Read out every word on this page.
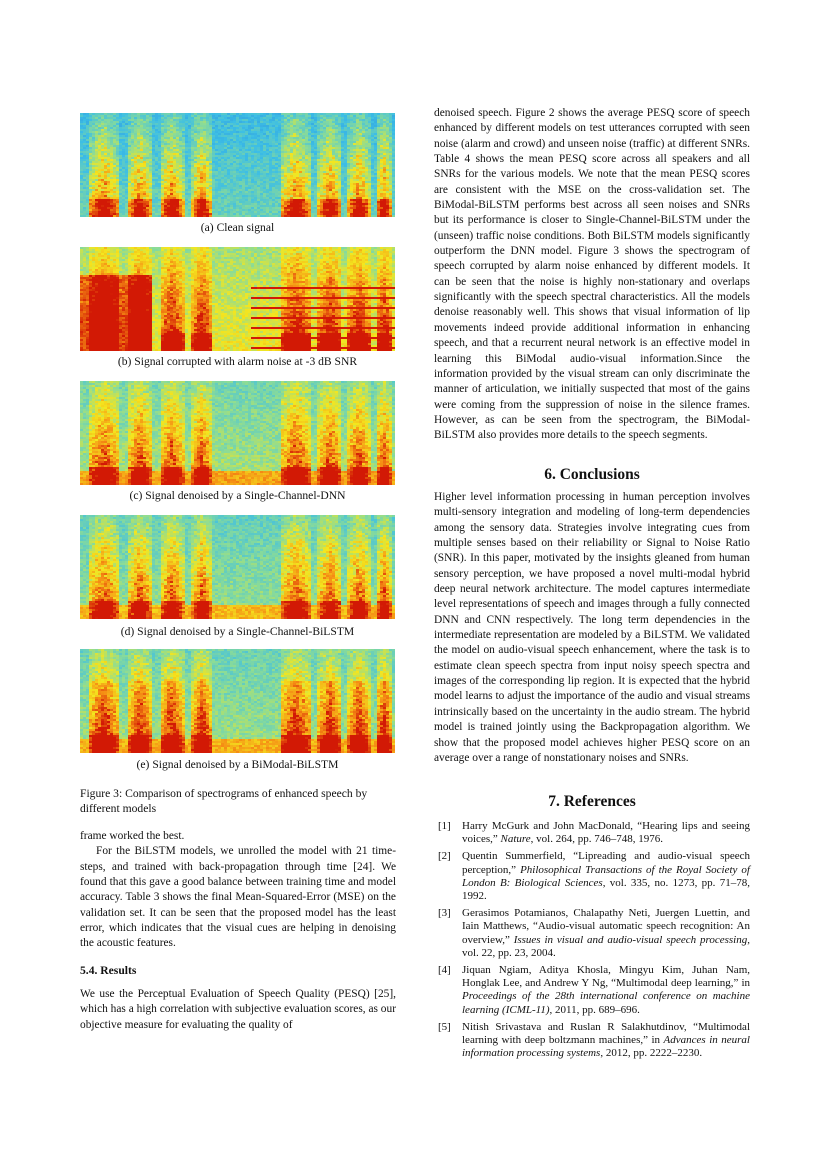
(a) Clean signal
(b) Signal corrupted with alarm noise at -3 dB SNR
(c) Signal denoised by a Single-Channel-DNN
(d) Signal denoised by a Single-Channel-BiLSTM
(e) Signal denoised by a BiModal-BiLSTM
Figure 3: Comparison of spectrograms of enhanced speech by different models

frame worked the best.

For the BiLSTM models, we unrolled the model with 21 time-steps, and trained with back-propagation through time [24]. We found that this gave a good balance between training time and model accuracy. Table 3 shows the final Mean-Squared-Error (MSE) on the validation set. It can be seen that the proposed model has the least error, which indicates that the visual cues are helping in denoising the acoustic features.

5.4. Results

We use the Perceptual Evaluation of Speech Quality (PESQ) [25], which has a high correlation with subjective evaluation scores, as our objective measure for evaluating the quality of

denoised speech. Figure 2 shows the average PESQ score of speech enhanced by different models on test utterances corrupted with seen noise (alarm and crowd) and unseen noise (traffic) at different SNRs. Table 4 shows the mean PESQ score across all speakers and all SNRs for the various models. We note that the mean PESQ scores are consistent with the MSE on the cross-validation set. The BiModal-BiLSTM performs best across all seen noises and SNRs but its performance is closer to Single-Channel-BiLSTM under the (unseen) traffic noise conditions. Both BiLSTM models significantly outperform the DNN model. Figure 3 shows the spectrogram of speech corrupted by alarm noise enhanced by different models. It can be seen that the noise is highly non-stationary and overlaps significantly with the speech spectral characteristics. All the models denoise reasonably well. This shows that visual information of lip movements indeed provide additional information in enhancing speech, and that a recurrent neural network is an effective model in learning this BiModal audio-visual information.Since the information provided by the visual stream can only discriminate the manner of articulation, we initially suspected that most of the gains were coming from the suppression of noise in the silence frames. However, as can be seen from the spectrogram, the BiModal-BiLSTM also provides more details to the speech segments.

6. Conclusions

Higher level information processing in human perception involves multi-sensory integration and modeling of long-term dependencies among the sensory data. Strategies involve integrating cues from multiple senses based on their reliability or Signal to Noise Ratio (SNR). In this paper, motivated by the insights gleaned from human sensory perception, we have proposed a novel multi-modal hybrid deep neural network architecture. The model captures intermediate level representations of speech and images through a fully connected DNN and CNN respectively. The long term dependencies in the intermediate representation are modeled by a BiLSTM. We validated the model on audio-visual speech enhancement, where the task is to estimate clean speech spectra from input noisy speech spectra and images of the corresponding lip region. It is expected that the hybrid model learns to adjust the importance of the audio and visual streams intrinsically based on the uncertainty in the audio stream. The hybrid model is trained jointly using the Backpropagation algorithm. We show that the proposed model achieves higher PESQ score on an average over a range of nonstationary noises and SNRs.

7. References
[1] Harry McGurk and John MacDonald, “Hearing lips and seeing voices,” Nature, vol. 264, pp. 746–748, 1976.
[2] Quentin Summerfield, “Lipreading and audio-visual speech perception,” Philosophical Transactions of the Royal Society of London B: Biological Sciences, vol. 335, no. 1273, pp. 71–78, 1992.
[3] Gerasimos Potamianos, Chalapathy Neti, Juergen Luettin, and Iain Matthews, “Audio-visual automatic speech recognition: An overview,” Issues in visual and audio-visual speech processing, vol. 22, pp. 23, 2004.
[4] Jiquan Ngiam, Aditya Khosla, Mingyu Kim, Juhan Nam, Honglak Lee, and Andrew Y Ng, “Multimodal deep learning,” in Proceedings of the 28th international conference on machine learning (ICML-11), 2011, pp. 689–696.
[5] Nitish Srivastava and Ruslan R Salakhutdinov, “Multimodal learning with deep boltzmann machines,” in Advances in neural information processing systems, 2012, pp. 2222–2230.
